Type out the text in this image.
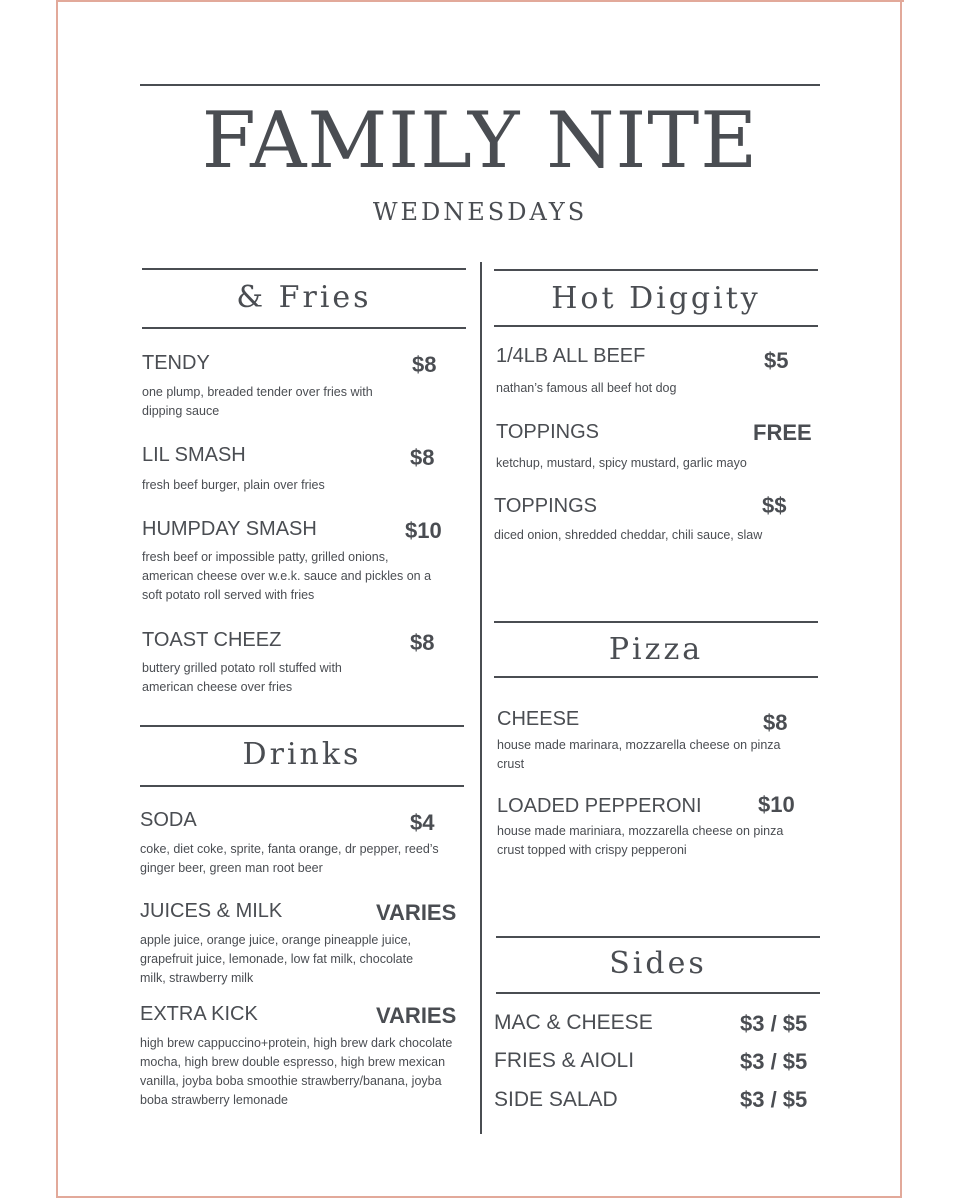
FAMILY NITE
WEDNESDAYS
& Fries
TENDY	$8
one plump, breaded tender over fries with dipping sauce
LIL SMASH	$8
fresh beef burger, plain over fries
HUMPDAY SMASH	$10
fresh beef or impossible patty, grilled onions, american cheese over w.e.k. sauce and pickles on a soft potato roll served with fries
TOAST CHEEZ	$8
buttery grilled potato roll stuffed with american cheese over fries
Drinks
SODA	$4
coke, diet coke, sprite, fanta orange, dr pepper, reed’s ginger beer, green man root beer
JUICES & MILK	VARIES
apple juice, orange juice, orange pineapple juice, grapefruit juice, lemonade, low fat milk, chocolate milk, strawberry milk
EXTRA KICK	VARIES
high brew cappuccino+protein, high brew dark chocolate mocha, high brew double espresso, high brew mexican vanilla, joyba boba smoothie strawberry/banana, joyba boba strawberry lemonade
Hot Diggity
1/4LB ALL BEEF	$5
nathan’s famous all beef hot dog
TOPPINGS	FREE
ketchup, mustard, spicy mustard, garlic mayo
TOPPINGS	$$
diced onion, shredded cheddar, chili sauce, slaw
Pizza
CHEESE	$8
house made marinara, mozzarella cheese on pinza crust
LOADED PEPPERONI	$10
house made mariniara, mozzarella cheese on pinza crust topped with crispy pepperoni
Sides
MAC & CHEESE	$3 / $5
FRIES & AIOLI	$3 / $5
SIDE SALAD	$3 / $5
